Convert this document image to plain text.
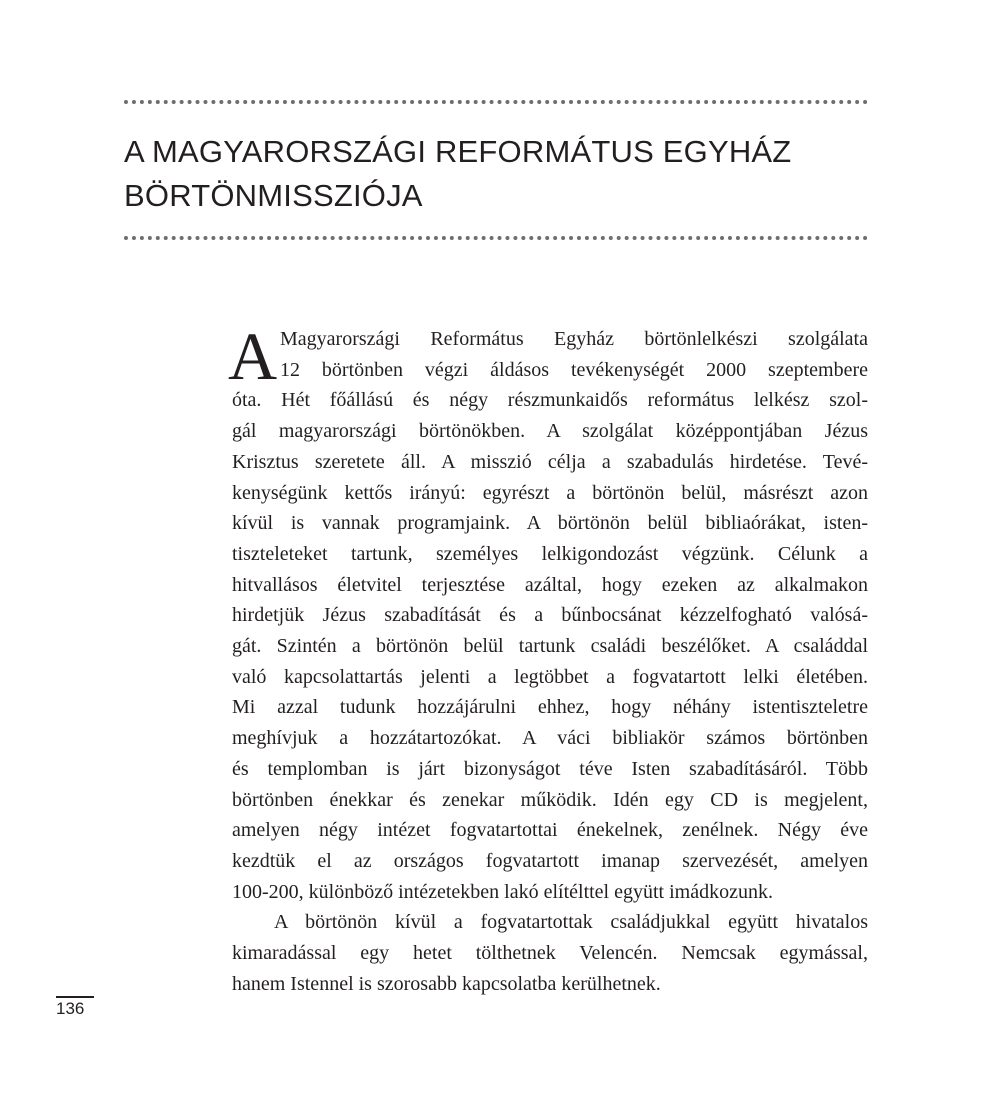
A MAGYARORSZÁGI REFORMÁTUS EGYHÁZ
BÖRTÖNMISSZIÓJA

A Magyarországi Református Egyház börtönlelkészi szolgálata
12 börtönben végzi áldásos tevékenységét 2000 szeptembere
óta. Hét főállású és négy részmunkaidős református lelkész szol-
gál magyarországi börtönökben. A szolgálat középpontjában Jézus
Krisztus szeretete áll. A misszió célja a szabadulás hirdetése. Tevé-
kenységünk kettős irányú: egyrészt a börtönön belül, másrészt azon
kívül is vannak programjaink. A börtönön belül bibliaórákat, isten-
tiszteleteket tartunk, személyes lelkigondozást végzünk. Célunk a
hitvallásos életvitel terjesztése azáltal, hogy ezeken az alkalmakon
hirdetjük Jézus szabadítását és a bűnbocsánat kézzelfogható valósá-
gát. Szintén a börtönön belül tartunk családi beszélőket. A családdal
való kapcsolattartás jelenti a legtöbbet a fogvatartott lelki életében.
Mi azzal tudunk hozzájárulni ehhez, hogy néhány istentiszteletre
meghívjuk a hozzátartozókat. A váci bibliakör számos börtönben
és templomban is járt bizonyságot téve Isten szabadításáról. Több
börtönben énekkar és zenekar működik. Idén egy CD is megjelent,
amelyen négy intézet fogvatartottai énekelnek, zenélnek. Négy éve
kezdtük el az országos fogvatartott imanap szervezését, amelyen
100-200, különböző intézetekben lakó elítélttel együtt imádkozunk.

A börtönön kívül a fogvatartottak családjukkal együtt hivatalos
kimaradással egy hetet tölthetnek Velencén. Nemcsak egymással,
hanem Istennel is szorosabb kapcsolatba kerülhetnek.

136
